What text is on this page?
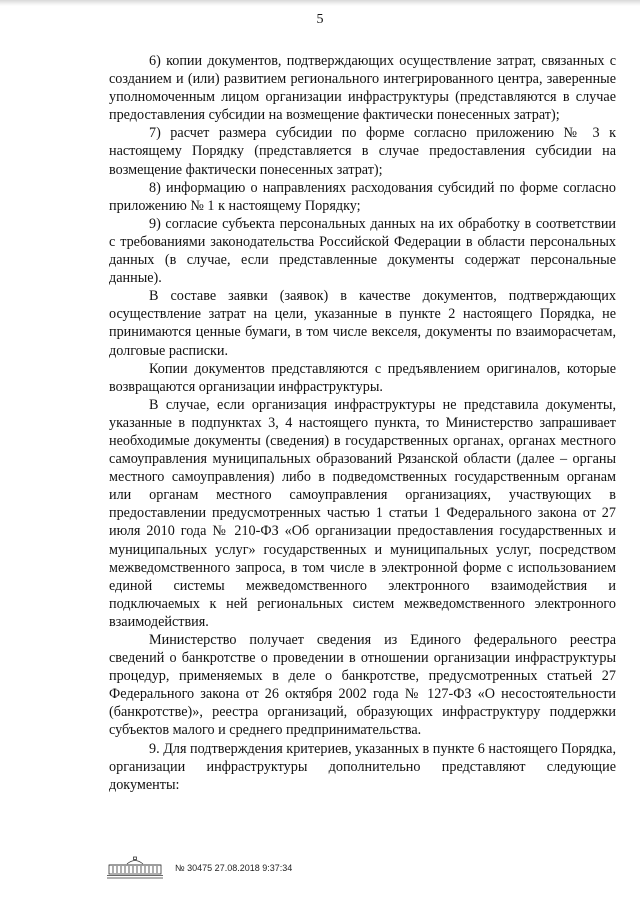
5

6) копии документов, подтверждающих осуществление затрат, связанных с созданием и (или) развитием регионального интегрированного центра, заверенные уполномоченным лицом организации инфраструктуры (представляются в случае предоставления субсидии на возмещение фактически понесенных затрат);

7) расчет размера субсидии по форме согласно приложению № 3 к настоящему Порядку (представляется в случае предоставления субсидии на возмещение фактически понесенных затрат);

8) информацию о направлениях расходования субсидий по форме согласно приложению № 1 к настоящему Порядку;

9) согласие субъекта персональных данных на их обработку в соответствии с требованиями законодательства Российской Федерации в области персональных данных (в случае, если представленные документы содержат персональные данные).

В составе заявки (заявок) в качестве документов, подтверждающих осуществление затрат на цели, указанные в пункте 2 настоящего Порядка, не принимаются ценные бумаги, в том числе векселя, документы по взаиморасчетам, долговые расписки.

Копии документов представляются с предъявлением оригиналов, которые возвращаются организации инфраструктуры.

В случае, если организация инфраструктуры не представила документы, указанные в подпунктах 3, 4 настоящего пункта, то Министерство запрашивает необходимые документы (сведения) в государственных органах, органах местного самоуправления муниципальных образований Рязанской области (далее – органы местного самоуправления) либо в подведомственных государственным органам или органам местного самоуправления организациях, участвующих в предоставлении предусмотренных частью 1 статьи 1 Федерального закона от 27 июля 2010 года № 210-ФЗ «Об организации предоставления государственных и муниципальных услуг» государственных и муниципальных услуг, посредством межведомственного запроса, в том числе в электронной форме с использованием единой системы межведомственного электронного взаимодействия и подключаемых к ней региональных систем межведомственного электронного взаимодействия.

Министерство получает сведения из Единого федерального реестра сведений о банкротстве о проведении в отношении организации инфраструктуры процедур, применяемых в деле о банкротстве, предусмотренных статьей 27 Федерального закона от 26 октября 2002 года № 127-ФЗ «О несостоятельности (банкротстве)», реестра организаций, образующих инфраструктуру поддержки субъектов малого и среднего предпринимательства.

9. Для подтверждения критериев, указанных в пункте 6 настоящего Порядка, организации инфраструктуры дополнительно представляют следующие документы:

№ 30475 27.08.2018 9:37:34
